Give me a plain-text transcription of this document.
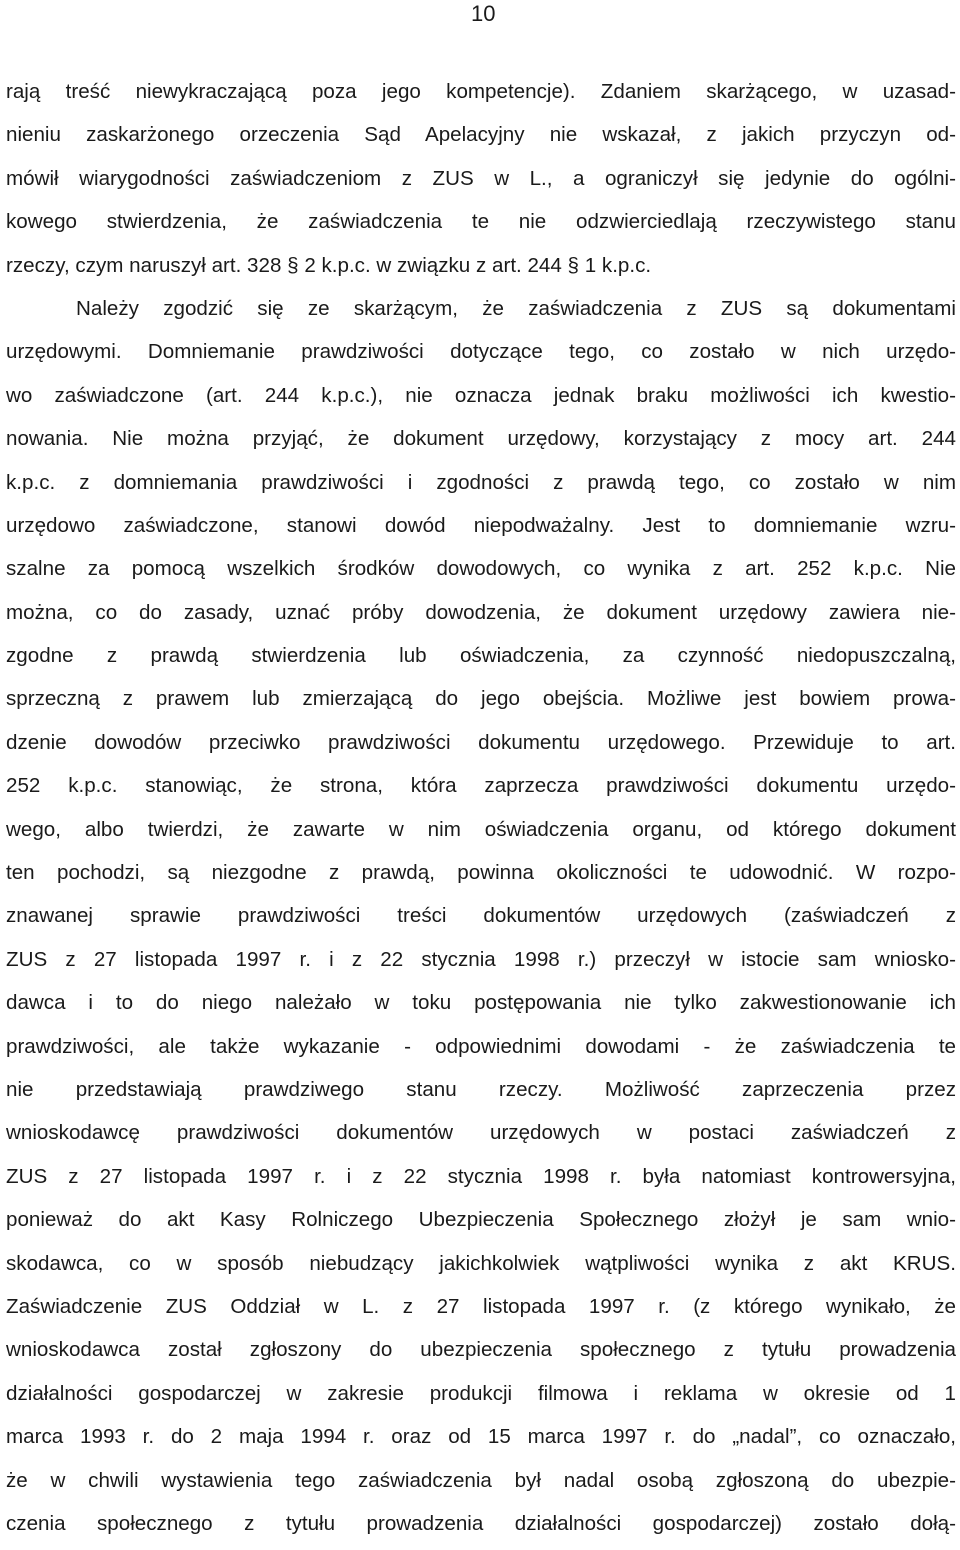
10
rają treść niewykraczającą poza jego kompetencje). Zdaniem skarżącego, w uzasad-
nieniu zaskarżonego orzeczenia Sąd Apelacyjny nie wskazał, z jakich przyczyn od-
mówił wiarygodności zaświadczeniom z ZUS w L., a ograniczył się jedynie do ogólni-
kowego stwierdzenia, że zaświadczenia te nie odzwierciedlają rzeczywistego stanu
rzeczy, czym naruszył art. 328 § 2 k.p.c. w związku z art. 244 § 1 k.p.c.
Należy zgodzić się ze skarżącym, że zaświadczenia z ZUS są dokumentami
urzędowymi. Domniemanie prawdziwości dotyczące tego, co zostało w nich urzędo-
wo zaświadczone (art. 244 k.p.c.), nie oznacza jednak braku możliwości ich kwestio-
nowania. Nie można przyjąć, że dokument urzędowy, korzystający z mocy art. 244
k.p.c. z domniemania prawdziwości i zgodności z prawdą tego, co zostało w nim
urzędowo zaświadczone, stanowi dowód niepodważalny. Jest to domniemanie wzru-
szalne za pomocą wszelkich środków dowodowych, co wynika z art. 252 k.p.c. Nie
można, co do zasady, uznać próby dowodzenia, że dokument urzędowy zawiera nie-
zgodne z prawdą stwierdzenia lub oświadczenia, za czynność niedopuszczalną,
sprzeczną z prawem lub zmierzającą do jego obejścia. Możliwe jest bowiem prowa-
dzenie dowodów przeciwko prawdziwości dokumentu urzędowego. Przewiduje to art.
252 k.p.c. stanowiąc, że strona, która zaprzecza prawdziwości dokumentu urzędo-
wego, albo twierdzi, że zawarte w nim oświadczenia organu, od którego dokument
ten pochodzi, są niezgodne z prawdą, powinna okoliczności te udowodnić. W rozpo-
znawanej sprawie prawdziwości treści dokumentów urzędowych (zaświadczeń z
ZUS z 27 listopada 1997 r. i z 22 stycznia 1998 r.) przeczył w istocie sam wniosko-
dawca i to do niego należało w toku postępowania nie tylko zakwestionowanie ich
prawdziwości, ale także wykazanie - odpowiednimi dowodami - że zaświadczenia te
nie przedstawiają prawdziwego stanu rzeczy. Możliwość zaprzeczenia przez
wnioskodawcę prawdziwości dokumentów urzędowych w postaci zaświadczeń z
ZUS z 27 listopada 1997 r. i z 22 stycznia 1998 r. była natomiast kontrowersyjna,
ponieważ do akt Kasy Rolniczego Ubezpieczenia Społecznego złożył je sam wnio-
skodawca, co w sposób niebudzący jakichkolwiek wątpliwości wynika z akt KRUS.
Zaświadczenie ZUS Oddział w L. z 27 listopada 1997 r. (z którego wynikało, że
wnioskodawca został zgłoszony do ubezpieczenia społecznego z tytułu prowadzenia
działalności gospodarczej w zakresie produkcji filmowa i reklama w okresie od 1
marca 1993 r. do 2 maja 1994 r. oraz od 15 marca 1997 r. do „nadal”, co oznaczało,
że w chwili wystawienia tego zaświadczenia był nadal osobą zgłoszoną do ubezpie-
czenia społecznego z tytułu prowadzenia działalności gospodarczej) zostało dołą-
